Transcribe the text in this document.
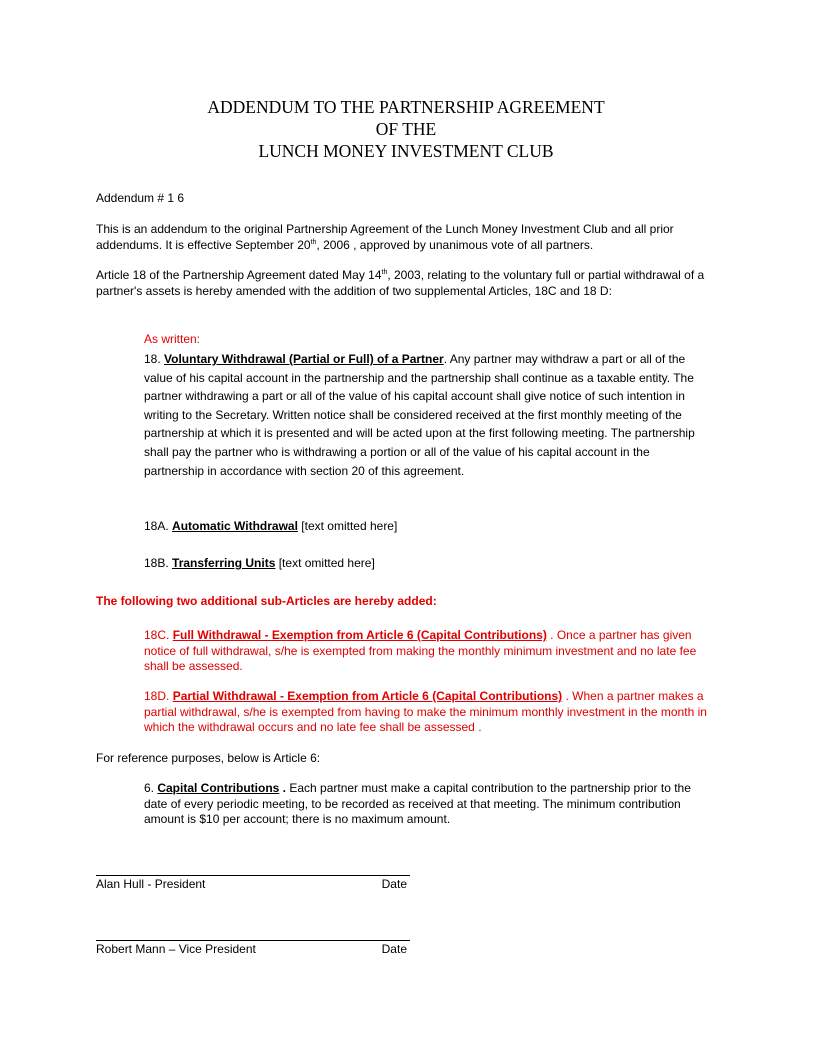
ADDENDUM TO THE PARTNERSHIP AGREEMENT
OF THE
LUNCH MONEY INVESTMENT CLUB
Addendum # 1 6
This is an addendum to the original Partnership Agreement of the Lunch Money Investment Club and all prior addendums. It is effective September 20th, 2006 , approved by unanimous vote of all partners.
Article 18 of the Partnership Agreement dated May 14th, 2003, relating to the voluntary full or partial withdrawal of a partner's assets is hereby amended with the addition of two supplemental Articles, 18C and 18 D:
As written:
18. Voluntary Withdrawal (Partial or Full) of a Partner. Any partner may withdraw a part or all of the value of his capital account in the partnership and the partnership shall continue as a taxable entity. The partner withdrawing a part or all of the value of his capital account shall give notice of such intention in writing to the Secretary. Written notice shall be considered received at the first monthly meeting of the partnership at which it is presented and will be acted upon at the first following meeting. The partnership shall pay the partner who is withdrawing a portion or all of the value of his capital account in the partnership in accordance with section 20 of this agreement.
18A. Automatic Withdrawal [text omitted here]
18B. Transferring Units [text omitted here]
The following two additional sub-Articles are hereby added:
18C. Full Withdrawal - Exemption from Article 6 (Capital Contributions) . Once a partner has given notice of full withdrawal, s/he is exempted from making the monthly minimum investment and no late fee shall be assessed.
18D. Partial Withdrawal - Exemption from Article 6 (Capital Contributions) . When a partner makes a partial withdrawal, s/he is exempted from having to make the minimum monthly investment in the month in which the withdrawal occurs and no late fee shall be assessed .
For reference purposes, below is Article 6:
6. Capital Contributions . Each partner must make a capital contribution to the partnership prior to the date of every periodic meeting, to be recorded as received at that meeting. The minimum contribution amount is $10 per account; there is no maximum amount.
Alan Hull - President	Date
Robert Mann – Vice President	Date
